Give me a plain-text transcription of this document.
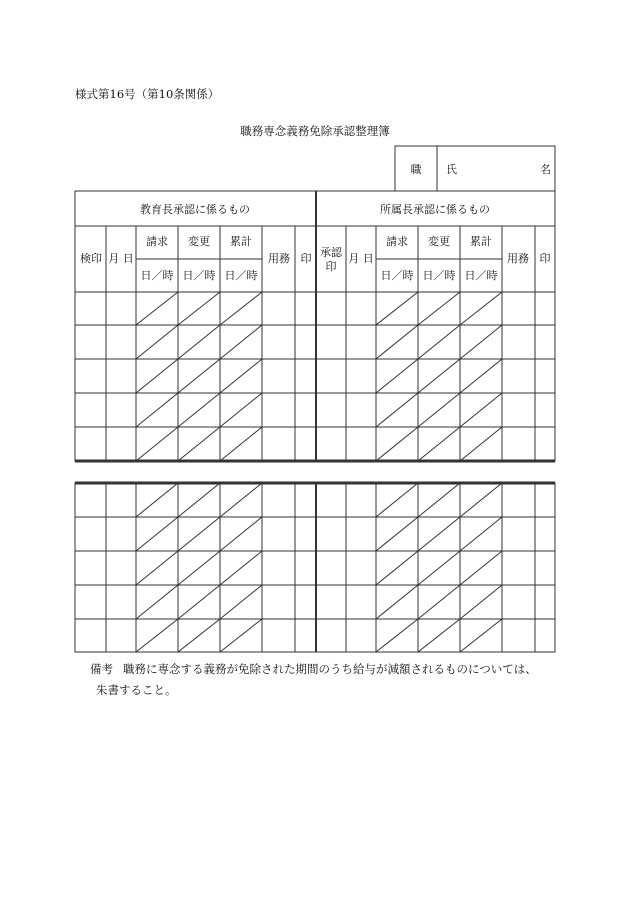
様式第16号（第10条関係）
職務専念義務免除承認整理簿
職 氏	名
教育長承認に係るもの	所属長承認に係るもの
検印 月 日
請求 変更 累計
用務 印
日／時 日／時 日／時
承認
印
月 日
請求 変更 累計
用務 印
日／時 日／時 日／時
備考 職務に専念する義務が免除された期間のうち給与が減額されるものについては、
朱書すること。
